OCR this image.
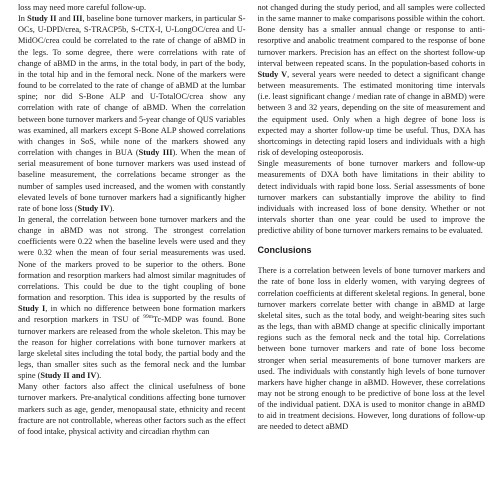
loss may need more careful follow-up.

In Study II and III, baseline bone turnover markers, in particular S-OCs, U-DPD/crea, S-TRACP5b, S-CTX-I, U-LongOC/crea and U-MidOC/crea could be correlated to the rate of change of aBMD in the legs. To some degree, there were correlations with rate of change of aBMD in the arms, in the total body, in part of the body, in the total hip and in the femoral neck. None of the markers were found to be correlated to the rate of change of aBMD at the lumbar spine; nor did S-Bone ALP and U-TotalOC/crea show any correlation with rate of change of aBMD. When the correlation between bone turnover markers and 5-year change of QUS variables was examined, all markers except S-Bone ALP showed correlations with changes in SoS, while none of the markers showed any correlation with changes in BUA (Study III). When the mean of serial measurement of bone turnover markers was used instead of baseline measurement, the correlations became stronger as the number of samples used increased, and the women with constantly elevated levels of bone turnover markers had a significantly higher rate of bone loss (Study IV).

In general, the correlation between bone turnover markers and the change in aBMD was not strong. The strongest correlation coefficients were 0.22 when the baseline levels were used and they were 0.32 when the mean of four serial measurements was used. None of the markers proved to be superior to the others. Bone formation and resorption markers had almost similar magnitudes of correlations. This could be due to the tight coupling of bone formation and resorption. This idea is supported by the results of Study I, in which no difference between bone formation markers and resorption markers in TSU of $^{99m}$Tc-MDP was found. Bone turnover markers are released from the whole skeleton. This may be the reason for higher correlations with bone turnover markers at large skeletal sites including the total body, the partial body and the legs, than smaller sites such as the femoral neck and the lumbar spine (Study II and IV).

Many other factors also affect the clinical usefulness of bone turnover markers. Pre-analytical conditions affecting bone turnover markers such as age, gender, menopausal state, ethnicity and recent fracture are not controllable, whereas other factors such as the effect of food intake, physical activity and circadian rhythm can

not changed during the study period, and all samples were collected in the same manner to make comparisons possible within the cohort.

Bone density has a smaller annual change or response to anti-resorptive and anabolic treatment compared to the response of bone turnover markers. Precision has an effect on the shortest follow-up interval between repeated scans. In the population-based cohorts in Study V, several years were needed to detect a significant change between measurements. The estimated monitoring time intervals (i.e. least significant change / median rate of change in aBMD) were between 3 and 32 years, depending on the site of measurement and the equipment used. Only when a high degree of bone loss is expected may a shorter follow-up time be useful. Thus, DXA has shortcomings in detecting rapid losers and individuals with a high risk of developing osteoporosis.

Single measurements of bone turnover markers and follow-up measurements of DXA both have limitations in their ability to detect individuals with rapid bone loss. Serial assessments of bone turnover markers can substantially improve the ability to find individuals with increased loss of bone density. Whether or not intervals shorter than one year could be used to improve the predictive ability of bone turnover markers remains to be evaluated.

Conclusions

There is a correlation between levels of bone turnover markers and the rate of bone loss in elderly women, with varying degrees of correlation coefficients at different skeletal regions. In general, bone turnover markers correlate better with change in aBMD at large skeletal sites, such as the total body, and weight-bearing sites such as the legs, than with aBMD change at specific clinically important regions such as the femoral neck and the total hip. Correlations between bone turnover markers and rate of bone loss become stronger when serial measurements of bone turnover markers are used. The individuals with constantly high levels of bone turnover markers have higher change in aBMD. However, these correlations may not be strong enough to be predictive of bone loss at the level of the individual patient. DXA is used to monitor change in aBMD to aid in treatment decisions. However, long durations of follow-up are needed to detect aBMD
